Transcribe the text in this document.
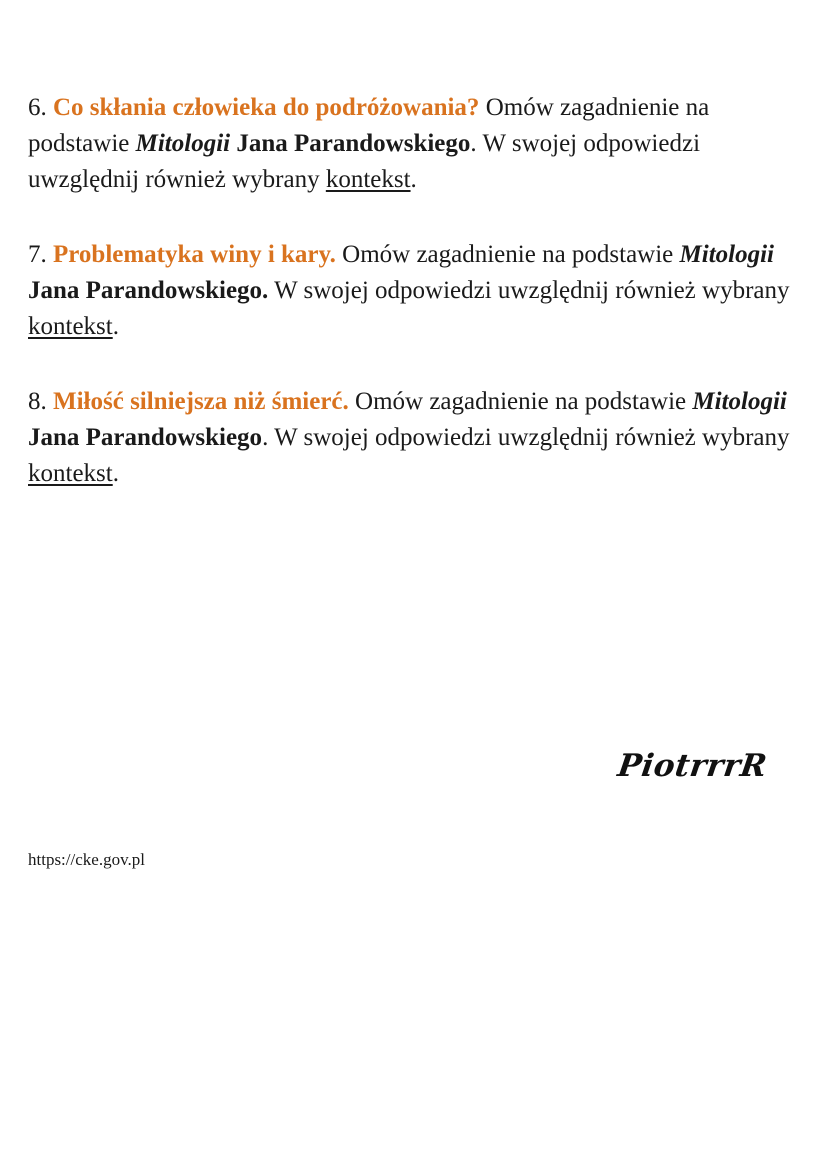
6. Co skłania człowieka do podróżowania? Omów zagadnienie na podstawie Mitologii Jana Parandowskiego. W swojej odpowiedzi uwzględnij również wybrany kontekst.

7. Problematyka winy i kary. Omów zagadnienie na podstawie Mitologii Jana Parandowskiego. W swojej odpowiedzi uwzględnij również wybrany kontekst.

8. Miłość silniejsza niż śmierć. Omów zagadnienie na podstawie Mitologii Jana Parandowskiego. W swojej odpowiedzi uwzględnij również wybrany kontekst.

PiotrrrR
https://cke.gov.pl
